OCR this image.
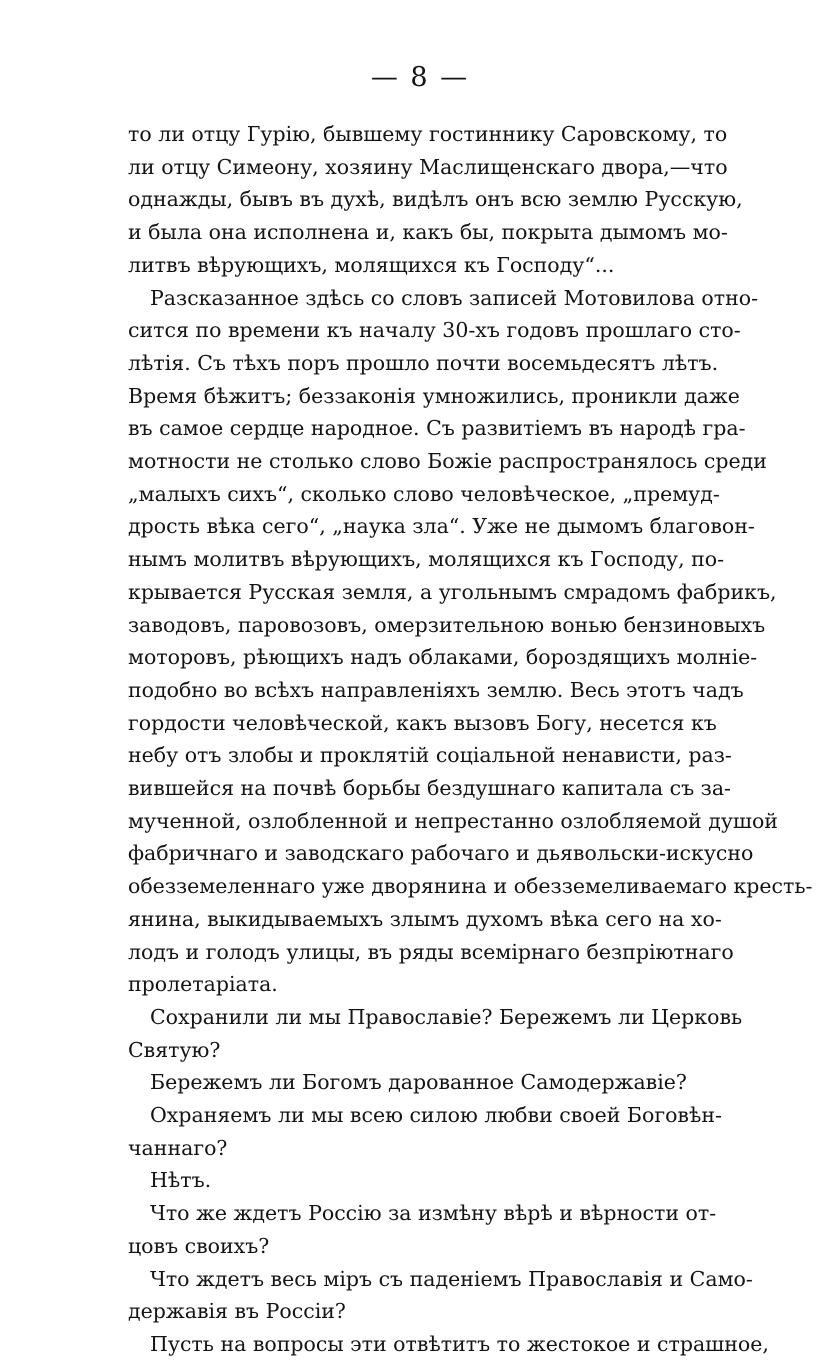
— 8 —
то ли отцу Гурію, бывшему гостиннику Саровскому, то
ли отцу Симеону, хозяину Маслищенскаго двора,—что
однажды, бывъ въ духѣ, видѣлъ онъ всю землю Русскую,
и была она исполнена и, какъ бы, покрыта дымомъ мо-
литвъ вѣрующихъ, молящихся къ Господу“...
Разсказанное здѣсь со словъ записей Мотовилова отно-
сится по времени къ началу 30-хъ годовъ прошлаго сто-
лѣтія. Съ тѣхъ поръ прошло почти восемьдесятъ лѣтъ.
Время бѣжитъ; беззаконія умножились, проникли даже
въ самое сердце народное. Съ развитіемъ въ народѣ гра-
мотности не столько слово Божіе распространялось среди
„малыхъ сихъ“, сколько слово человѣческое, „премуд-
дрость вѣка сего“, „наука зла“. Уже не дымомъ благовон-
нымъ молитвъ вѣрующихъ, молящихся къ Господу, по-
крывается Русская земля, а угольнымъ смрадомъ фабрикъ,
заводовъ, паровозовъ, омерзительною вонью бензиновыхъ
моторовъ, рѣющихъ надъ облаками, бороздящихъ молніе-
подобно во всѣхъ направленіяхъ землю. Весь этотъ чадъ
гордости человѣческой, какъ вызовъ Богу, несется къ
небу отъ злобы и проклятій соціальной ненависти, раз-
вившейся на почвѣ борьбы бездушнаго капитала съ за-
мученной, озлобленной и непрестанно озлобляемой душой
фабричнаго и заводскаго рабочаго и дьявольски-искусно
обезземеленнаго уже дворянина и обезземеливаемаго кресть-
янина, выкидываемыхъ злымъ духомъ вѣка сего на хо-
лодъ и голодъ улицы, въ ряды всемірнаго безпріютнаго
пролетаріата.
Сохранили ли мы Православіе? Бережемъ ли Церковь
Святую?
Бережемъ ли Богомъ дарованное Самодержавіе?
Охраняемъ ли мы всею силою любви своей Боговѣн-
чаннаго?
Нѣтъ.
Что же ждетъ Россію за измѣну вѣрѣ и вѣрности от-
цовъ своихъ?
Что ждетъ весь міръ съ паденіемъ Православія и Само-
державія въ Россіи?
Пусть на вопросы эти отвѣтитъ то жестокое и страшное,
